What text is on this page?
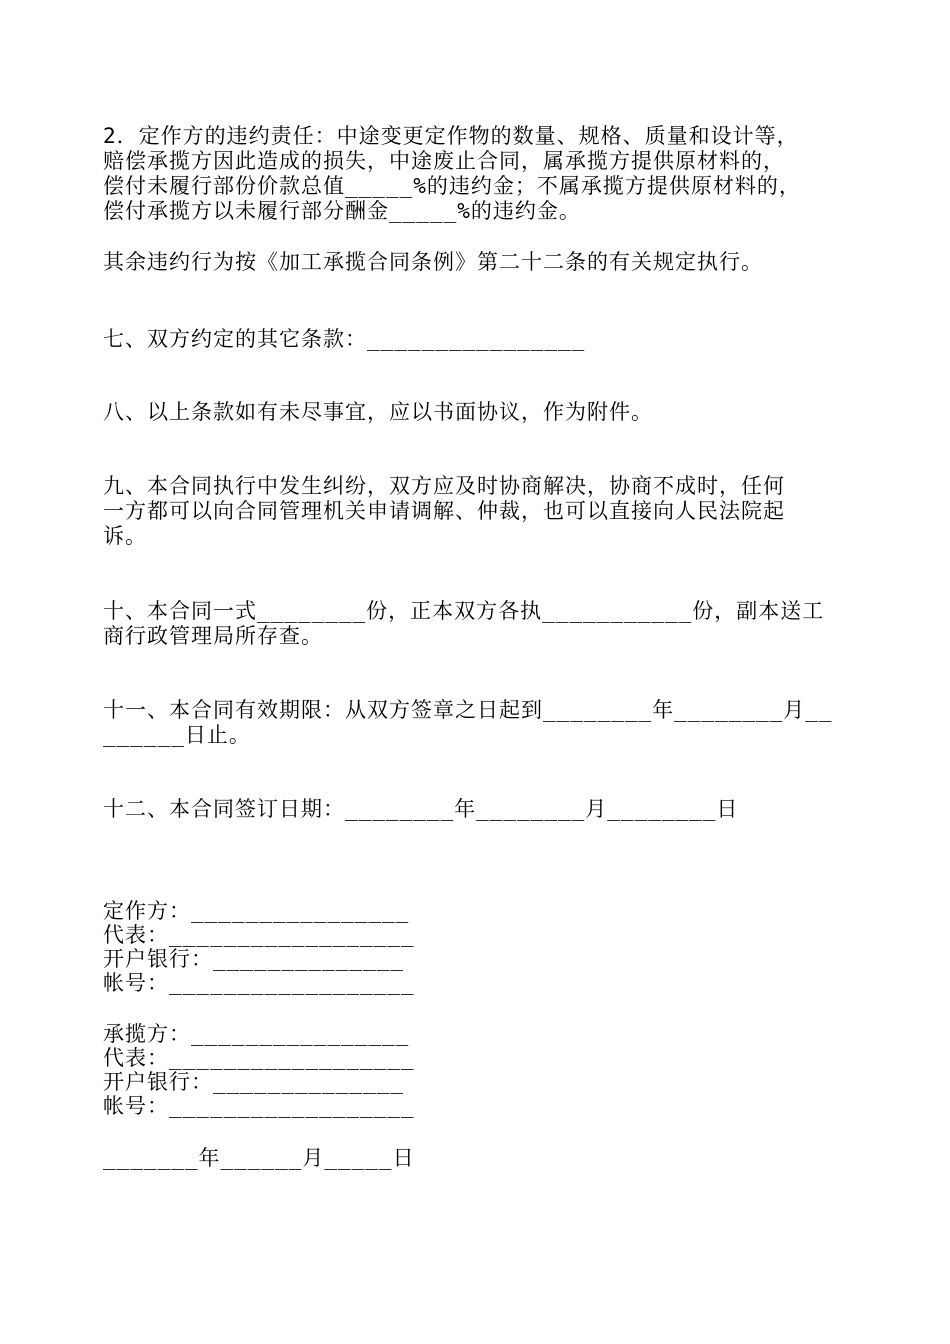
2．定作方的违约责任：中途变更定作物的数量、规格、质量和设计等，
赔偿承揽方因此造成的损失，中途废止合同，属承揽方提供原材料的，
偿付未履行部份价款总值_____%的违约金；不属承揽方提供原材料的，
偿付承揽方以未履行部分酬金_____%的违约金。
其余违约行为按《加工承揽合同条例》第二十二条的有关规定执行。
七、双方约定的其它条款：________________
八、以上条款如有未尽事宜，应以书面协议，作为附件。
九、本合同执行中发生纠纷，双方应及时协商解决，协商不成时，任何
一方都可以向合同管理机关申请调解、仲裁，也可以直接向人民法院起
诉。
十、本合同一式________份，正本双方各执___________份，副本送工
商行政管理局所存查。
十一、本合同有效期限：从双方签章之日起到________年________月__
______日止。
十二、本合同签订日期：________年________月________日
定作方：________________
代表：__________________
开户银行：______________
帐号：__________________
承揽方：________________
代表：__________________
开户银行：______________
帐号：__________________
_______年______月_____日
